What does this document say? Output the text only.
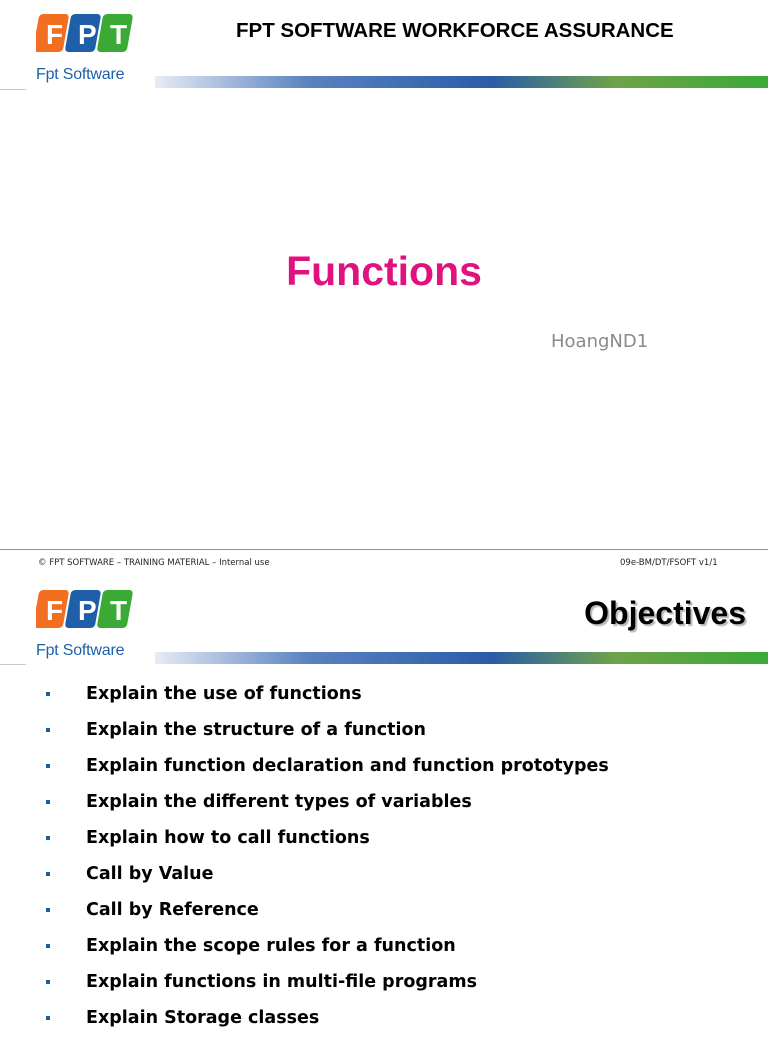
F P T
Fpt Software
FPT SOFTWARE WORKFORCE ASSURANCE
Functions
HoangND1
© FPT SOFTWARE – TRAINING MATERIAL – Internal use	09e-BM/DT/FSOFT v1/1
F P T
Fpt Software
Objectives
Explain the use of functions
Explain the structure of a function
Explain function declaration and function prototypes
Explain the different types of variables
Explain how to call functions
Call by Value
Call by Reference
Explain the scope rules for a function
Explain functions in multi-file programs
Explain Storage classes
